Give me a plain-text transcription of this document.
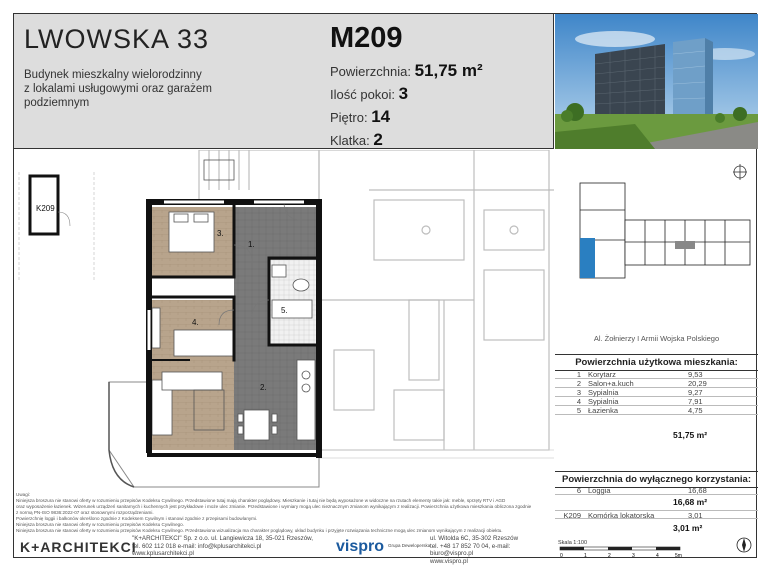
LWOWSKA 33	M209
Budynek mieszkalny wielorodzinny
z lokalami usługowymi oraz garażem
podziemnym
Powierzchnia: 51,75 m²
Ilość pokoi: 3
Piętro: 14
Klatka: 2
K209
3.
1.
4.
5.
2.
Al. Żołnierzy I Armii Wojska Polskiego
Powierzchnia użytkowa mieszkania:
1 Korytarz	9,53
2 Salon+a.kuch	20,29
3 Sypialnia	9,27
4 Sypialnia	7,91
5 Łazienka	4,75
51,75 m²
Powierzchnia do wyłącznego korzystania:
6 Loggia	16,68
16,68 m²
K209 Komórka lokatorska	3,01
3,01 m²
Skala 1:100
0	1	2	3	4	5m
Uwagi:
Niniejsza broszura nie stanowi oferty w rozumieniu przepisów Kodeksu Cywilnego. Przedstawione tutaj mają charakter poglądowy. Mieszkanie i tutaj nie będą wyposażone w widoczne na rzutach elementy takie jak: meble, sprzęty RTV i AGD
oraz wyposażenie łazienek. Wizerunek urządzeń sanitarnych i kuchennych jest przykładowe i może ulec zmianie. Przedstawione i wymiary mogą ulec nieznacznym zmianom wynikającym z realizacji. Powierzchnia użytkowa mieszkania obliczona zgodnie
z normą PN-ISO 9836:2022-07 oraz stosownymi rozporządzeniami.
Powierzchnię loggii i balkonów określono zgodnie z Kodeksem Cywilnym i stanowi zgodnie z przepisami budowlanymi.
Niniejsza broszura nie stanowi oferty w rozumieniu przepisów Kodeksu Cywilnego.
Niniejsza broszura nie stanowi oferty w rozumieniu przepisów Kodeksu Cywilnego. Przedstawiona wizualizacja ma charakter poglądowy, układ budynku i przyjęte rozwiązania techniczne mogą ulec zmianom wynikającym z realizacji obiektu.
K+ARCHITEKCI
"K+ARCHITEKCI" Sp. z o.o. ul. Langiewicza 18, 35-021 Rzeszów,
tel. 602 112 018 e-mail: info@kplusarchitekci.pl
www.kplusarchitekci.pl	vispro Grupa Deweloperska
ul. Witolda 6C, 35-302 Rzeszów
tel. +48 17 852 70 04, e-mail: biuro@vispro.pl
www.vispro.pl
